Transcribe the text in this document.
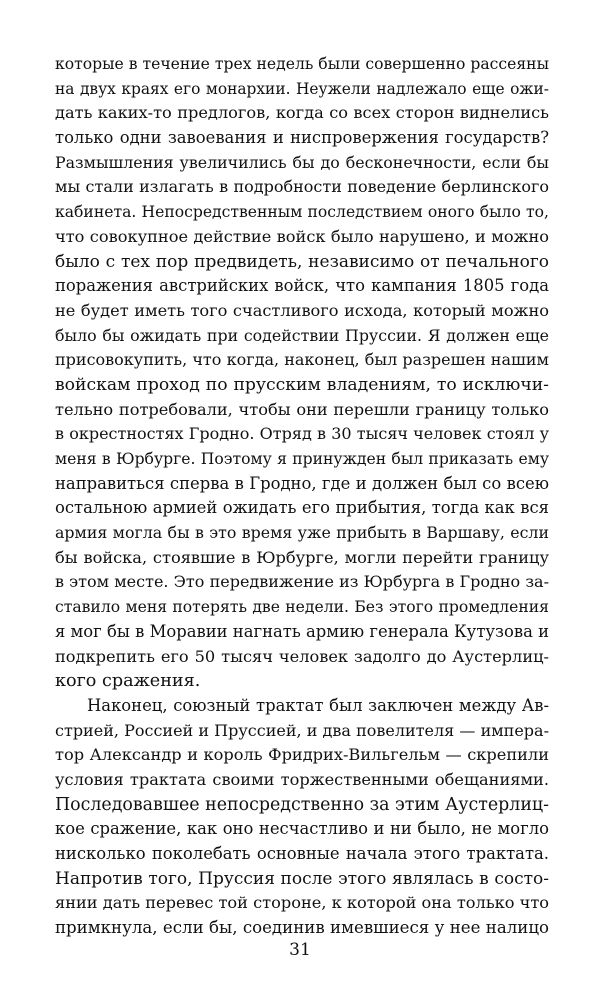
которые в течение трех недель были совершенно рассеяны
на двух краях его монархии. Неужели надлежало еще ожи-
дать каких-то предлогов, когда со всех сторон виднелись
только одни завоевания и ниспровержения государств?
Размышления увеличились бы до бесконечности, если бы
мы стали излагать в подробности поведение берлинского
кабинета. Непосредственным последствием оного было то,
что совокупное действие войск было нарушено, и можно
было с тех пор предвидеть, независимо от печального
поражения австрийских войск, что кампания 1805 года
не будет иметь того счастливого исхода, который можно
было бы ожидать при содействии Пруссии. Я должен еще
присовокупить, что когда, наконец, был разрешен нашим
войскам проход по прусским владениям, то исключи-
тельно потребовали, чтобы они перешли границу только
в окрестностях Гродно. Отряд в 30 тысяч человек стоял у
меня в Юрбурге. Поэтому я принужден был приказать ему
направиться сперва в Гродно, где и должен был со всею
остальною армией ожидать его прибытия, тогда как вся
армия могла бы в это время уже прибыть в Варшаву, если
бы войска, стоявшие в Юрбурге, могли перейти границу
в этом месте. Это передвижение из Юрбурга в Гродно за-
ставило меня потерять две недели. Без этого промедления
я мог бы в Моравии нагнать армию генерала Кутузова и
подкрепить его 50 тысяч человек задолго до Аустерлиц-
кого сражения.
Наконец, союзный трактат был заключен между Ав-
стрией, Россией и Пруссией, и два повелителя — импера-
тор Александр и король Фридрих-Вильгельм — скрепили
условия трактата своими торжественными обещаниями.
Последовавшее непосредственно за этим Аустерлиц-
кое сражение, как оно несчастливо и ни было, не могло
нисколько поколебать основные начала этого трактата.
Напротив того, Пруссия после этого являлась в состо-
янии дать перевес той стороне, к которой она только что
примкнула, если бы, соединив имевшиеся у нее налицо
31
